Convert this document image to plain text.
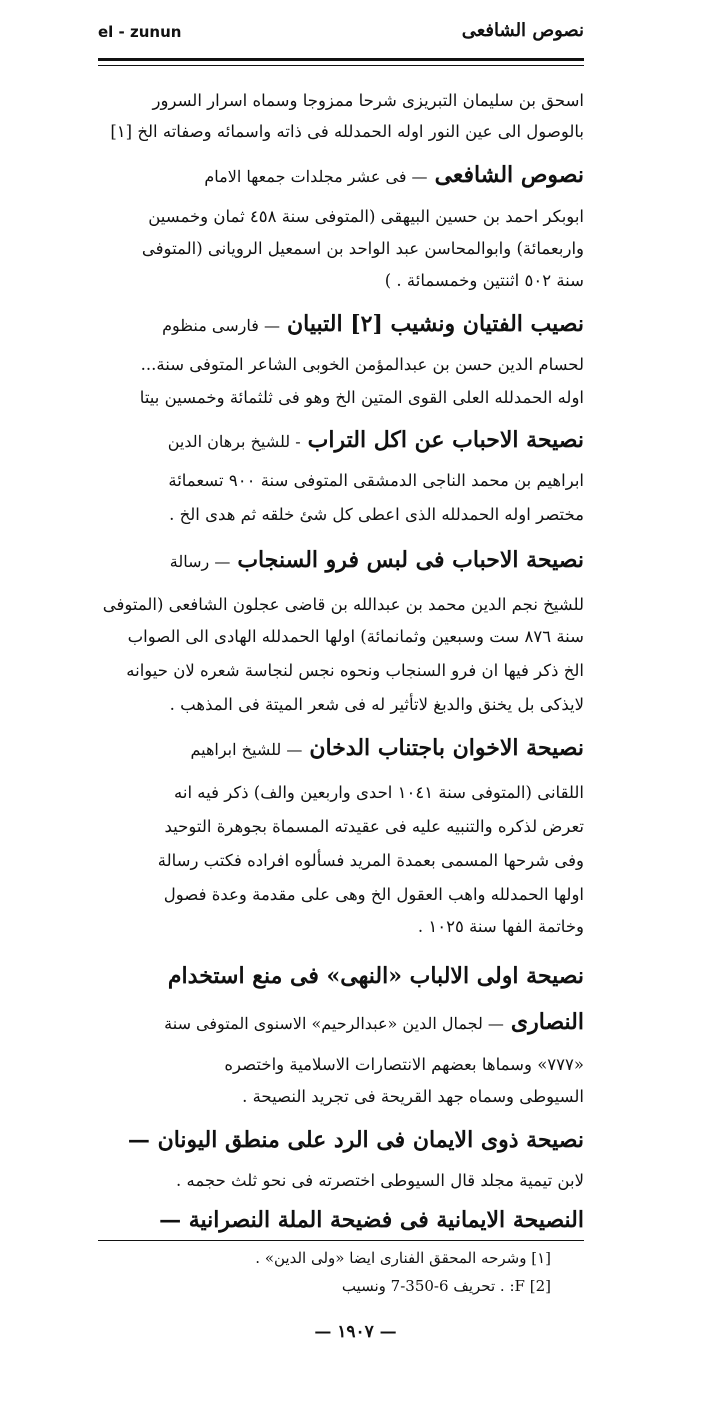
el - zunun	نصوص الشافعى
اسحق بن سليمان التبريزى شرحا ممزوجا وسماه اسرار السرور
بالوصول الى عين النور اوله الحمدلله فى ذاته واسمائه وصفاته الخ [١]
نصوص الشافعى — فى عشر مجلدات جمعها الامام
ابوبكر احمد بن حسين البيهقى (المتوفى سنة ٤٥٨ ثمان وخمسين
واربعمائة) وابوالمحاسن عبد الواحد بن اسمعيل الرويانى (المتوفى
سنة ٥٠٢ اثنتين وخمسمائة . )
نصيب الفتيان ونشيب [٢] التبيان — فارسى منظوم
لحسام الدين حسن بن عبدالمؤمن الخوبى الشاعر المتوفى سنة...
اوله الحمدلله العلى القوى المتين الخ وهو فى ثلثمائة وخمسين بيتا
نصيحة الاحباب عن اكل التراب - للشيخ برهان الدين
ابراهيم بن محمد الناجى الدمشقى المتوفى سنة ٩٠٠ تسعمائة
مختصر اوله الحمدلله الذى اعطى كل شئ خلقه ثم هدى الخ .
نصيحة الاحباب فى لبس فرو السنجاب — رسالة
للشيخ نجم الدين محمد بن عبدالله بن قاضى عجلون الشافعى (المتوفى
سنة ٨٧٦ ست وسبعين وثمانمائة) اولها الحمدلله الهادى الى الصواب
الخ ذكر فيها ان فرو السنجاب ونحوه نجس لنجاسة شعره لان حيوانه
لايذكى بل يخنق والدبغ لاتأثير له فى شعر الميتة فى المذهب .
نصيحة الاخوان باجتناب الدخان — للشيخ ابراهيم
اللقانى (المتوفى سنة ١٠٤١ احدى واربعين والف) ذكر فيه انه
تعرض لذكره والتنبيه عليه فى عقيدته المسماة بجوهرة التوحيد
وفى شرحها المسمى بعمدة المريد فسألوه افراده فكتب رسالة
اولها الحمدلله واهب العقول الخ وهى على مقدمة وعدة فصول
وخاتمة الفها سنة ١٠٢٥ .
نصيحة اولى الالباب «النهى» فى منع استخدام
النصارى — لجمال الدين «عبدالرحيم» الاسنوى المتوفى سنة
«٧٧٧» وسماها بعضهم الانتصارات الاسلامية واختصره
السيوطى وسماه جهد القريحة فى تجريد النصيحة .
نصيحة ذوى الايمان فى الرد على منطق اليونان —
لابن تيمية مجلد قال السيوطى اختصرته فى نحو ثلث حجمه .
النصيحة الايمانية فى فضيحة الملة النصرانية —
[١] وشرحه المحقق الفنارى ايضا «ولى الدين» .
[2] F: . تحريف 6-350-7 ونسيب
— ١٩٠٧ —
